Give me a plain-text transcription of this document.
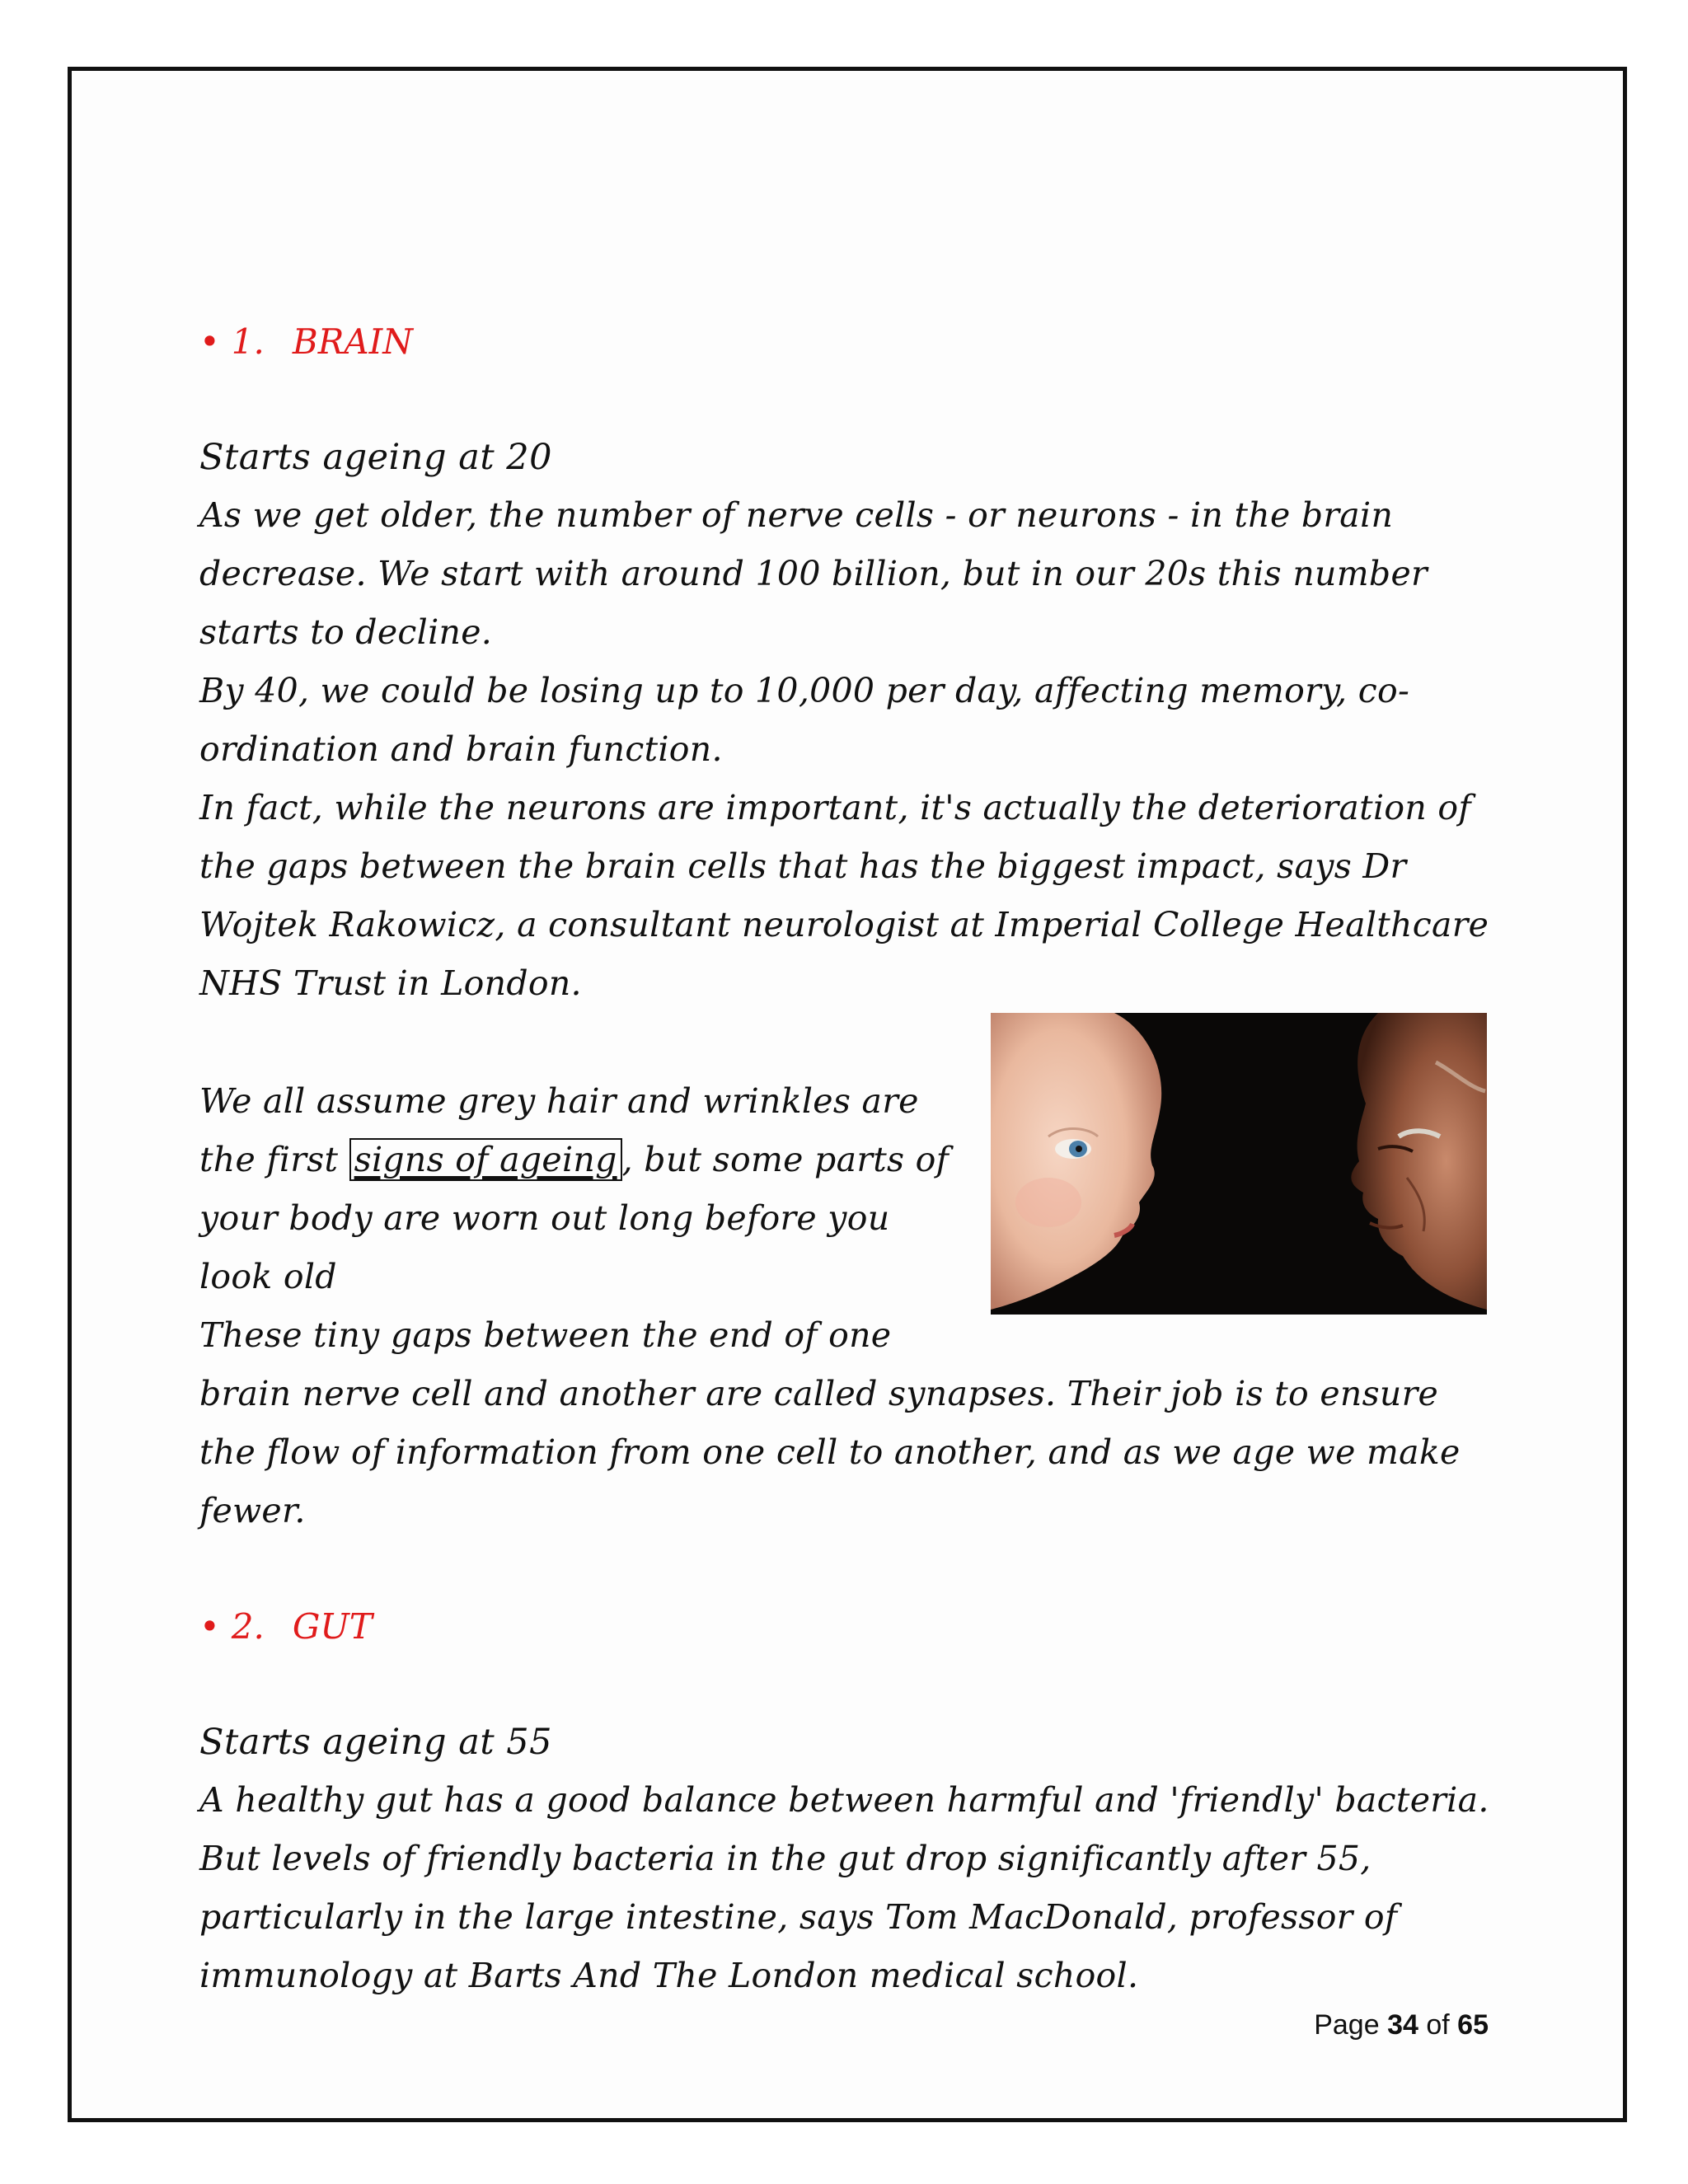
• 1. BRAIN

Starts ageing at 20

As we get older, the number of nerve cells - or neurons - in the brain decrease. We start with around 100 billion, but in our 20s this number starts to decline.

By 40, we could be losing up to 10,000 per day, affecting memory, co-ordination and brain function.

In fact, while the neurons are important, it's actually the deterioration of the gaps between the brain cells that has the biggest impact, says Dr Wojtek Rakowicz, a consultant neurologist at Imperial College Healthcare NHS Trust in London.

We all assume grey hair and wrinkles are the first signs of ageing , but some parts of your body are worn out long before you look old

These tiny gaps between the end of one brain nerve cell and another are called synapses. Their job is to ensure the flow of information from one cell to another, and as we age we make fewer.

• 2. GUT

Starts ageing at 55

A healthy gut has a good balance between harmful and 'friendly' bacteria. But levels of friendly bacteria in the gut drop significantly after 55, particularly in the large intestine, says Tom MacDonald, professor of immunology at Barts And The London medical school.

Page 34 of 65
